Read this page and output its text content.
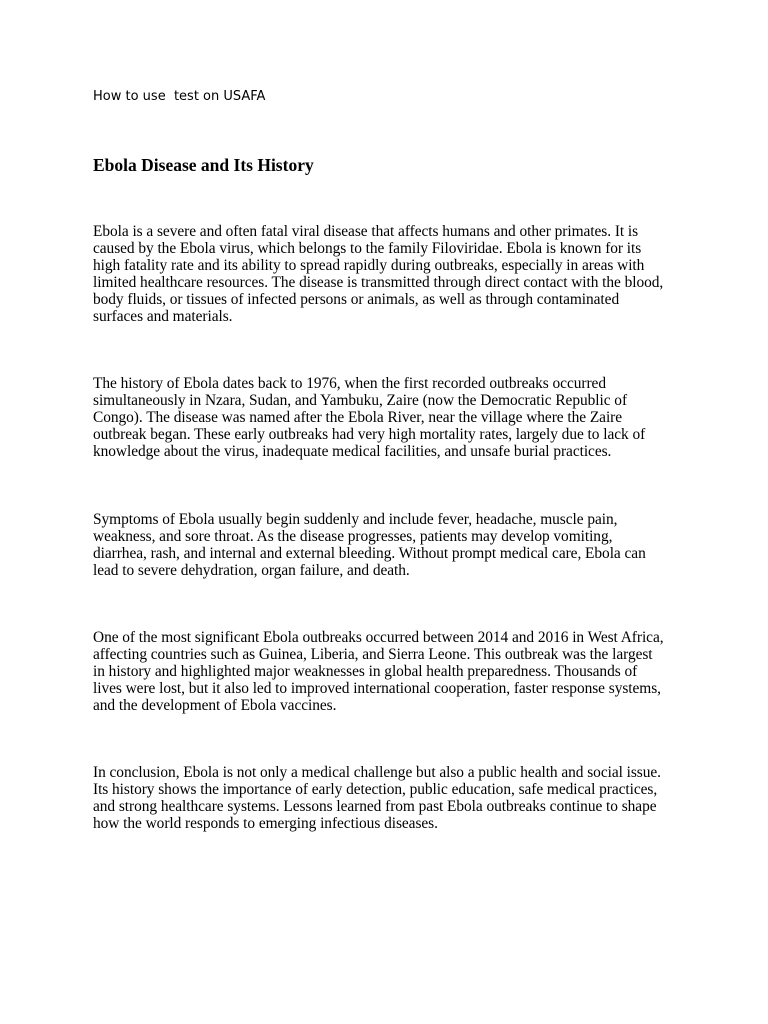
How to use  test on USAFA
Ebola Disease and Its History
Ebola is a severe and often fatal viral disease that affects humans and other primates. It is
caused by the Ebola virus, which belongs to the family Filoviridae. Ebola is known for its
high fatality rate and its ability to spread rapidly during outbreaks, especially in areas with
limited healthcare resources. The disease is transmitted through direct contact with the blood,
body fluids, or tissues of infected persons or animals, as well as through contaminated
surfaces and materials.
The history of Ebola dates back to 1976, when the first recorded outbreaks occurred
simultaneously in Nzara, Sudan, and Yambuku, Zaire (now the Democratic Republic of
Congo). The disease was named after the Ebola River, near the village where the Zaire
outbreak began. These early outbreaks had very high mortality rates, largely due to lack of
knowledge about the virus, inadequate medical facilities, and unsafe burial practices.
Symptoms of Ebola usually begin suddenly and include fever, headache, muscle pain,
weakness, and sore throat. As the disease progresses, patients may develop vomiting,
diarrhea, rash, and internal and external bleeding. Without prompt medical care, Ebola can
lead to severe dehydration, organ failure, and death.
One of the most significant Ebola outbreaks occurred between 2014 and 2016 in West Africa,
affecting countries such as Guinea, Liberia, and Sierra Leone. This outbreak was the largest
in history and highlighted major weaknesses in global health preparedness. Thousands of
lives were lost, but it also led to improved international cooperation, faster response systems,
and the development of Ebola vaccines.
In conclusion, Ebola is not only a medical challenge but also a public health and social issue.
Its history shows the importance of early detection, public education, safe medical practices,
and strong healthcare systems. Lessons learned from past Ebola outbreaks continue to shape
how the world responds to emerging infectious diseases.
